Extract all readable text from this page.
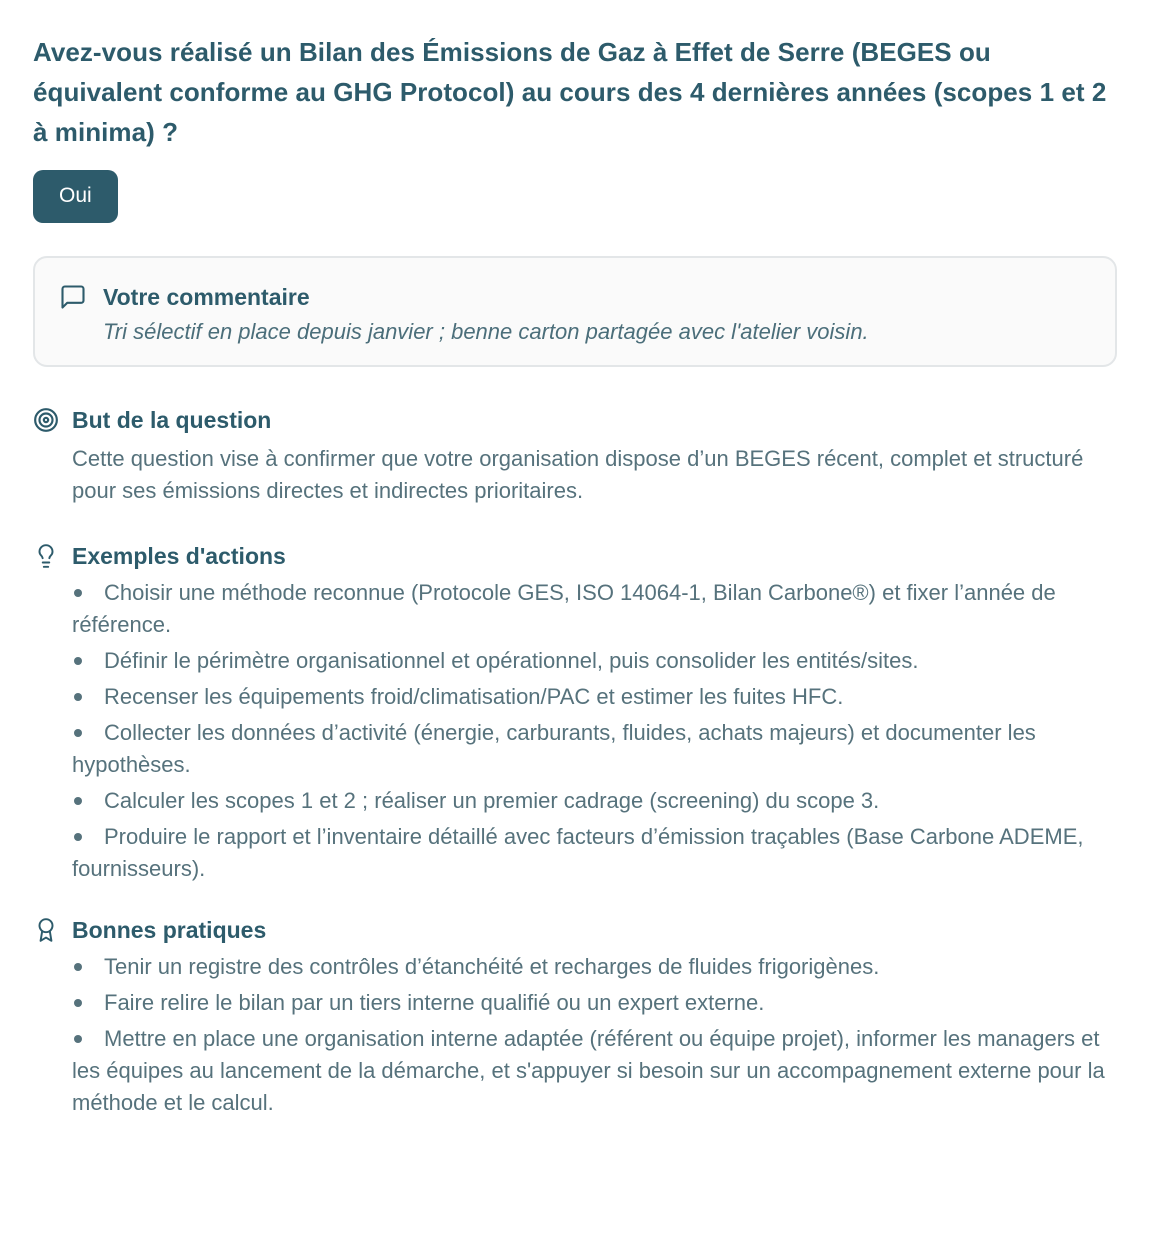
Avez-vous réalisé un Bilan des Émissions de Gaz à Effet de Serre (BEGES ou équivalent conforme au GHG Protocol) au cours des 4 dernières années (scopes 1 et 2 à minima) ?
Oui
Votre commentaire
Tri sélectif en place depuis janvier ; benne carton partagée avec l'atelier voisin.
But de la question
Cette question vise à confirmer que votre organisation dispose d’un BEGES récent, complet et structuré pour ses émissions directes et indirectes prioritaires.
Exemples d'actions
Choisir une méthode reconnue (Protocole GES, ISO 14064-1, Bilan Carbone®) et fixer l’année de référence.
Définir le périmètre organisationnel et opérationnel, puis consolider les entités/sites.
Recenser les équipements froid/climatisation/PAC et estimer les fuites HFC.
Collecter les données d’activité (énergie, carburants, fluides, achats majeurs) et documenter les hypothèses.
Calculer les scopes 1 et 2 ; réaliser un premier cadrage (screening) du scope 3.
Produire le rapport et l’inventaire détaillé avec facteurs d’émission traçables (Base Carbone ADEME, fournisseurs).
Bonnes pratiques
Tenir un registre des contrôles d’étanchéité et recharges de fluides frigorigènes.
Faire relire le bilan par un tiers interne qualifié ou un expert externe.
Mettre en place une organisation interne adaptée (référent ou équipe projet), informer les managers et les équipes au lancement de la démarche, et s'appuyer si besoin sur un accompagnement externe pour la méthode et le calcul.
